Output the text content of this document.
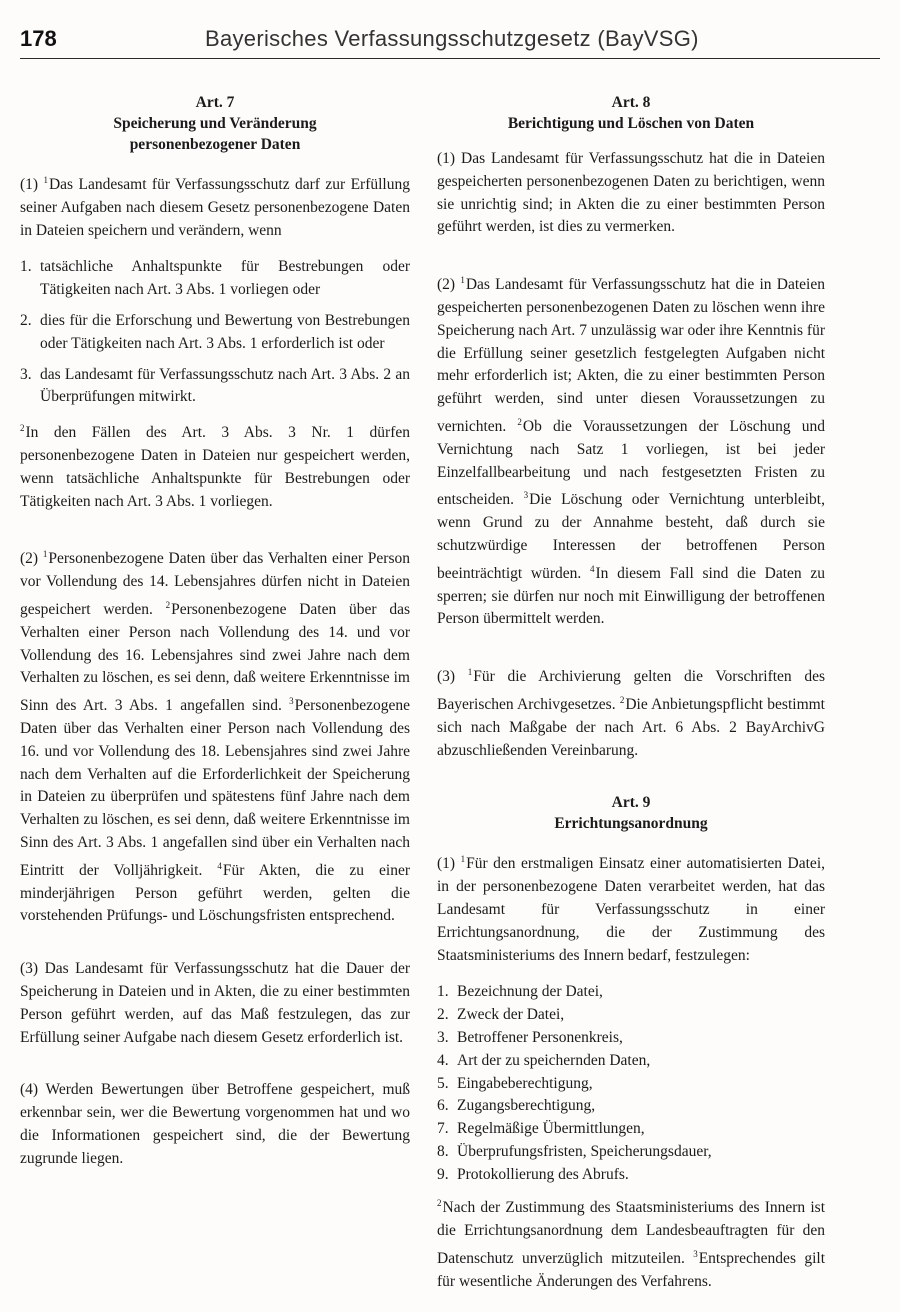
178	Bayerisches Verfassungsschutzgesetz (BayVSG)
Art. 7
Speicherung und Veränderung
personenbezogener Daten

(1) $^1$Das Landesamt für Verfassungsschutz darf zur Erfüllung seiner Aufgaben nach diesem Gesetz personenbezogene Daten in Dateien speichern und verändern, wenn

1. tatsächliche Anhaltspunkte für Bestrebungen oder Tätigkeiten nach Art. 3 Abs. 1 vorliegen oder
2. dies für die Erforschung und Bewertung von Bestrebungen oder Tätigkeiten nach Art. 3 Abs. 1 erforderlich ist oder
3. das Landesamt für Verfassungsschutz nach Art. 3 Abs. 2 an Überprüfungen mitwirkt.

$^2$In den Fällen des Art. 3 Abs. 3 Nr. 1 dürfen personenbezogene Daten in Dateien nur gespeichert werden, wenn tatsächliche Anhaltspunkte für Bestrebungen oder Tätigkeiten nach Art. 3 Abs. 1 vorliegen.

(2) $^1$Personenbezogene Daten über das Verhalten einer Person vor Vollendung des 14. Lebensjahres dürfen nicht in Dateien gespeichert werden. $^2$Personenbezogene Daten über das Verhalten einer Person nach Vollendung des 14. und vor Vollendung des 16. Lebensjahres sind zwei Jahre nach dem Verhalten zu löschen, es sei denn, daß weitere Erkenntnisse im Sinn des Art. 3 Abs. 1 angefallen sind. $^3$Personenbezogene Daten über das Verhalten einer Person nach Vollendung des 16. und vor Vollendung des 18. Lebensjahres sind zwei Jahre nach dem Verhalten auf die Erforderlichkeit der Speicherung in Dateien zu überprüfen und spätestens fünf Jahre nach dem Verhalten zu löschen, es sei denn, daß weitere Erkenntnisse im Sinn des Art. 3 Abs. 1 angefallen sind über ein Verhalten nach Eintritt der Volljährigkeit. $^4$Für Akten, die zu einer minderjährigen Person geführt werden, gelten die vorstehenden Prüfungs- und Löschungsfristen entsprechend.

(3) Das Landesamt für Verfassungsschutz hat die Dauer der Speicherung in Dateien und in Akten, die zu einer bestimmten Person geführt werden, auf das Maß festzulegen, das zur Erfüllung seiner Aufgabe nach diesem Gesetz erforderlich ist.

(4) Werden Bewertungen über Betroffene gespeichert, muß erkennbar sein, wer die Bewertung vorgenommen hat und wo die Informationen gespeichert sind, die der Bewertung zugrunde liegen.

Art. 8
Berichtigung und Löschen von Daten

(1) Das Landesamt für Verfassungsschutz hat die in Dateien gespeicherten personenbezogenen Daten zu berichtigen, wenn sie unrichtig sind; in Akten die zu einer bestimmten Person geführt werden, ist dies zu vermerken.

(2) $^1$Das Landesamt für Verfassungsschutz hat die in Dateien gespeicherten personenbezogenen Daten zu löschen wenn ihre Speicherung nach Art. 7 unzulässig war oder ihre Kenntnis für die Erfüllung seiner gesetzlich festgelegten Aufgaben nicht mehr erforderlich ist; Akten, die zu einer bestimmten Person geführt werden, sind unter diesen Voraussetzungen zu vernichten. $^2$Ob die Voraussetzungen der Löschung und Vernichtung nach Satz 1 vorliegen, ist bei jeder Einzelfallbearbeitung und nach festgesetzten Fristen zu entscheiden. $^3$Die Löschung oder Vernichtung unterbleibt, wenn Grund zu der Annahme besteht, daß durch sie schutzwürdige Interessen der betroffenen Person beeinträchtigt würden. $^4$In diesem Fall sind die Daten zu sperren; sie dürfen nur noch mit Einwilligung der betroffenen Person übermittelt werden.

(3) $^1$Für die Archivierung gelten die Vorschriften des Bayerischen Archivgesetzes. $^2$Die Anbietungspflicht bestimmt sich nach Maßgabe der nach Art. 6 Abs. 2 BayArchivG abzuschließenden Vereinbarung.

Art. 9
Errichtungsanordnung

(1) $^1$Für den erstmaligen Einsatz einer automatisierten Datei, in der personenbezogene Daten verarbeitet werden, hat das Landesamt für Verfassungsschutz in einer Errichtungsanordnung, die der Zustimmung des Staatsministeriums des Innern bedarf, festzulegen:

1. Bezeichnung der Datei,
2. Zweck der Datei,
3. Betroffener Personenkreis,
4. Art der zu speichernden Daten,
5. Eingabeberechtigung,
6. Zugangsberechtigung,
7. Regelmäßige Übermittlungen,
8. Überprufungsfristen, Speicherungsdauer,
9. Protokollierung des Abrufs.

$^2$Nach der Zustimmung des Staatsministeriums des Innern ist die Errichtungsanordnung dem Landesbeauftragten für den Datenschutz unverzüglich mitzuteilen. $^3$Entsprechendes gilt für wesentliche Änderungen des Verfahrens.
